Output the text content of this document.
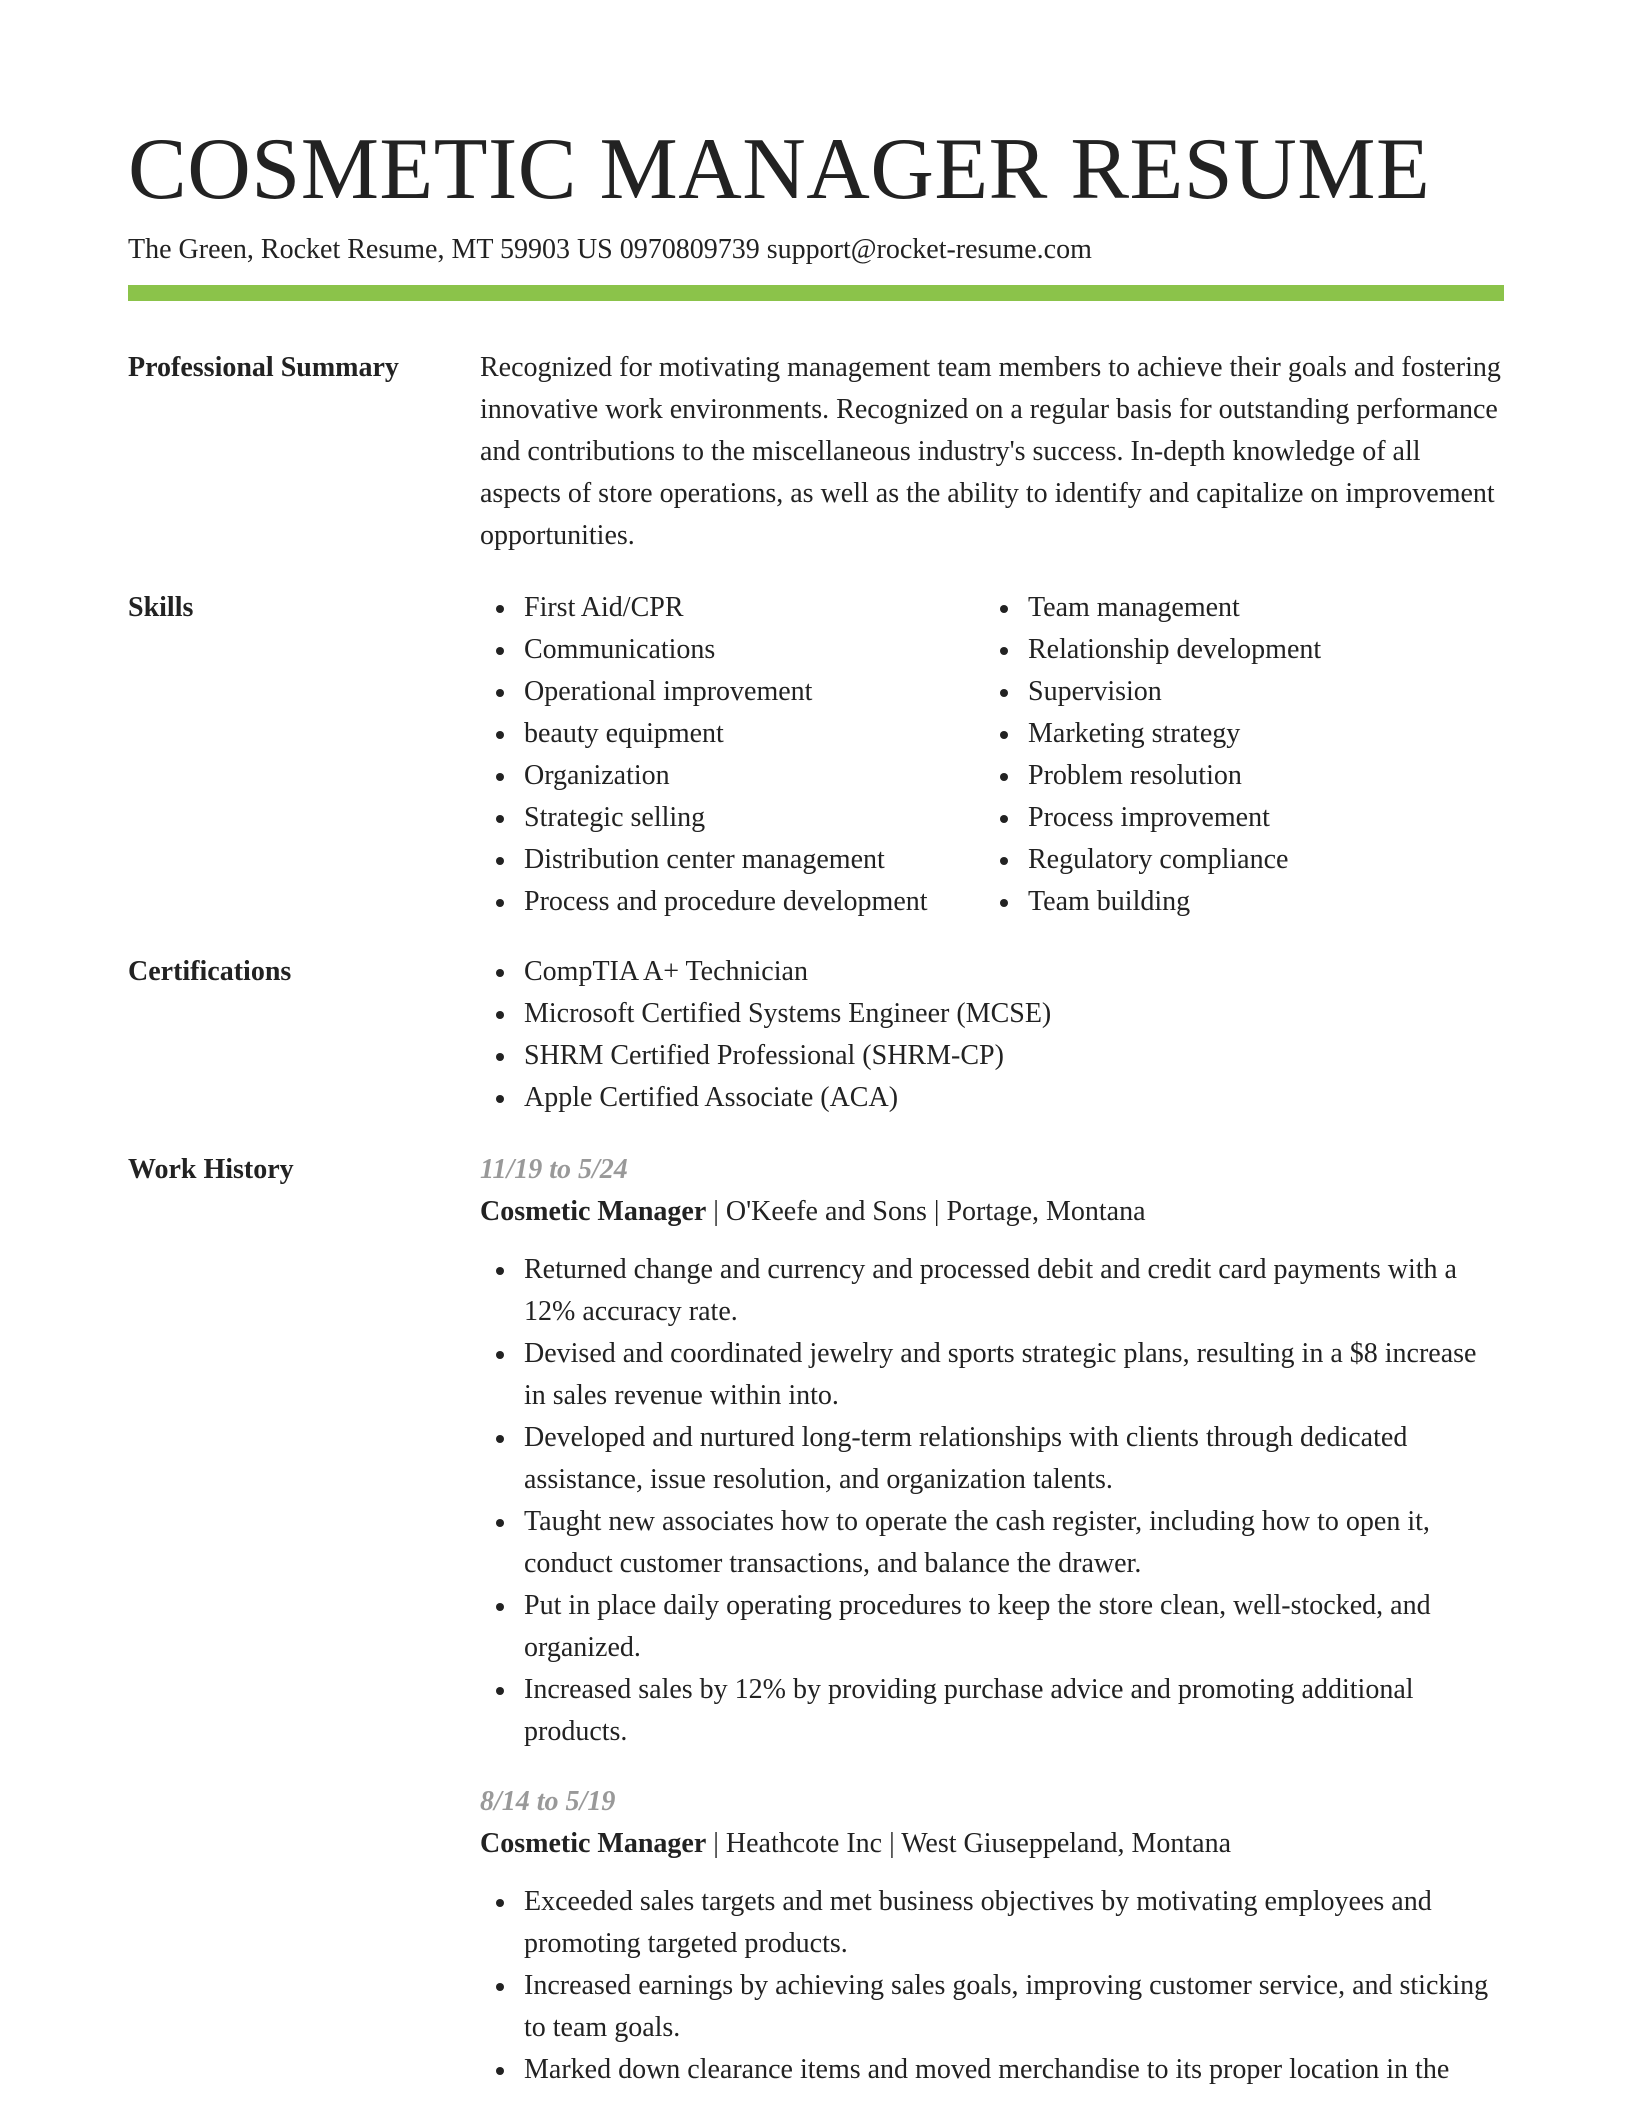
COSMETIC MANAGER RESUME
The Green, Rocket Resume, MT 59903 US 0970809739 support@rocket-resume.com
Professional Summary	Recognized for motivating management team members to achieve their goals and fostering innovative work environments. Recognized on a regular basis for outstanding performance and contributions to the miscellaneous industry's success. In-depth knowledge of all aspects of store operations, as well as the ability to identify and capitalize on improvement opportunities.

Skills	First Aid/CPR
Communications
Operational improvement
beauty equipment
Organization
Strategic selling
Distribution center management
Process and procedure development
Team management
Relationship development
Supervision
Marketing strategy
Problem resolution
Process improvement
Regulatory compliance
Team building
Certifications	CompTIA A+ Technician
Microsoft Certified Systems Engineer (MCSE)
SHRM Certified Professional (SHRM-CP)
Apple Certified Associate (ACA)
Work History	11/19 to 5/24
Cosmetic Manager | O'Keefe and Sons | Portage, Montana
Returned change and currency and processed debit and credit card payments with a 12% accuracy rate.
Devised and coordinated jewelry and sports strategic plans, resulting in a $8 increase in sales revenue within into.
Developed and nurtured long-term relationships with clients through dedicated assistance, issue resolution, and organization talents.
Taught new associates how to operate the cash register, including how to open it, conduct customer transactions, and balance the drawer.
Put in place daily operating procedures to keep the store clean, well-stocked, and organized.
Increased sales by 12% by providing purchase advice and promoting additional products.
8/14 to 5/19
Cosmetic Manager | Heathcote Inc | West Giuseppeland, Montana
Exceeded sales targets and met business objectives by motivating employees and promoting targeted products.
Increased earnings by achieving sales goals, improving customer service, and sticking to team goals.
Marked down clearance items and moved merchandise to its proper location in the
